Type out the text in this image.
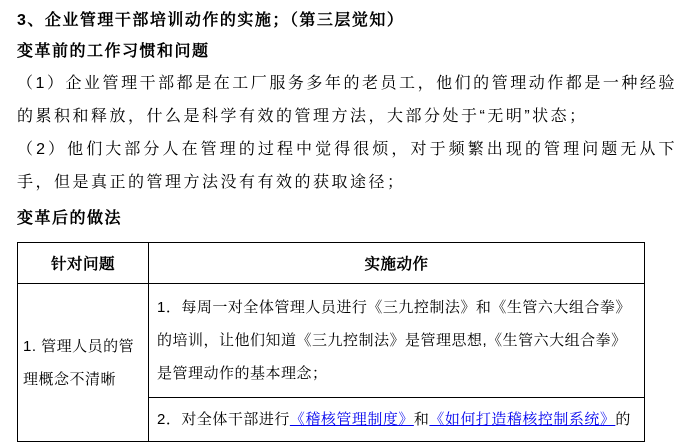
3、企业管理干部培训动作的实施；（第三层觉知）
变革前的工作习惯和问题

（1）企业管理干部都是在工厂服务多年的老员工，他们的管理动作都是一种经验的累积和释放，什么是科学有效的管理方法，大部分处于“无明”状态；

（2）他们大部分人在管理的过程中觉得很烦，对于频繁出现的管理问题无从下手，但是真正的管理方法没有有效的获取途径；

变革后的做法
针对问题	实施动作
1. 管理人员的管理概念不清晰	1．每周一对全体管理人员进行《三九控制法》和《生管六大组合拳》的培训，让他们知道《三九控制法》是管理思想,《生管六大组合拳》是管理动作的基本理念；
	2．对全体干部进行《稽核管理制度》和《如何打造稽核控制系统》的
